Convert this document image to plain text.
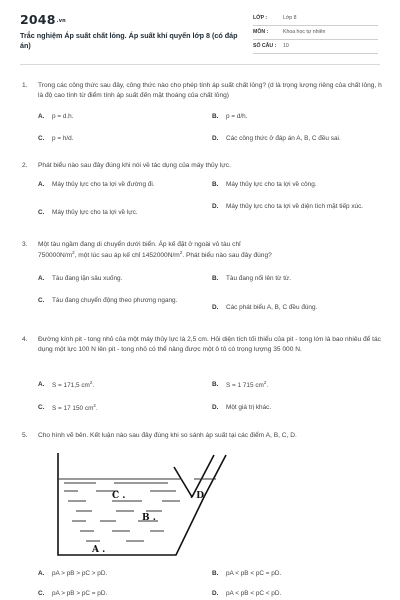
2048.vn
Trắc nghiệm Áp suất chất lỏng. Áp suất khí quyển lớp 8 (có đáp án)
LỚP :	Lớp 8
MÔN :	Khoa học tự nhiên
SỐ CÂU : 10
1. Trong các công thức sau đây, công thức nào cho phép tính áp suất chất lỏng? (d là trọng lượng riêng của chất lỏng, h là độ cao tính từ điểm tính áp suất đến mặt thoáng của chất lỏng)
A. p = d.h.	B. p = d/h.
C. p = h/d.	D. Các công thức ở đáp án A, B, C đều sai.
2. Phát biểu nào sau đây đúng khi nói về tác dụng của máy thủy lực.
A. Máy thủy lực cho ta lợi về đường đi.	B. Máy thủy lực cho ta lợi về công.
C. Máy thủy lực cho ta lợi về lực.
D. Máy thủy lực cho ta lợi về diện tích mặt tiếp xúc.
3. Một tàu ngầm đang di chuyển dưới biển. Áp kế đặt ở ngoài vỏ tàu chỉ
$750000N/m^2$, một lúc sau áp kế chỉ $1452000N/m^2$. Phát biểu nào sau đây đúng?
A. Tàu đang lặn sâu xuống.	B. Tàu đang nổi lên từ từ.
C. Tàu đang chuyển động theo phương ngang.
D. Các phát biểu A, B, C đều đúng.
4. Đường kính pit - tong nhỏ của một máy thủy lực là 2,5 cm. Hỏi diện tích tối thiểu của pit - tong lớn là bao nhiêu để tác dụng một lực 100 N lên pit - tong nhỏ có thể nâng được một ô tô có trọng lượng 35 000 N.
A. S = 171,5 $cm^2$.	B. S = 1 715 $cm^2$.
C. S = 17 150 $cm^2$.	D. Một giá trị khác.
5. Cho hình vẽ bên. Kết luận nào sau đây đúng khi so sánh áp suất tại các điểm A, B, C, D.
C .	. D
B .
A .
A. pA > pB > pC > pD.	B. pA < pB < pC = pD.
C. pA > pB > pC = pD.	D. pA < pB < pC < pD.
